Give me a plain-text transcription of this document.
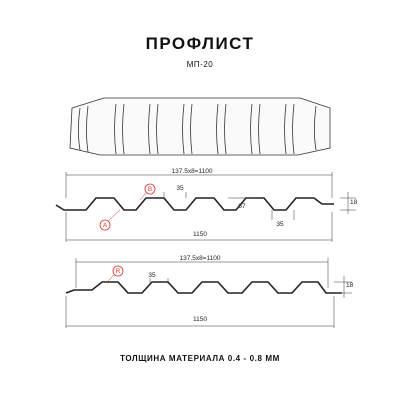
ПРОФЛИСТ
МП-20
137.5x8=1100
35
67
35
18
1150
A
B
137.5x8=1100
35
18
1150
R
ТОЛЩИНА МАТЕРИАЛА 0.4 - 0.8 ММ
